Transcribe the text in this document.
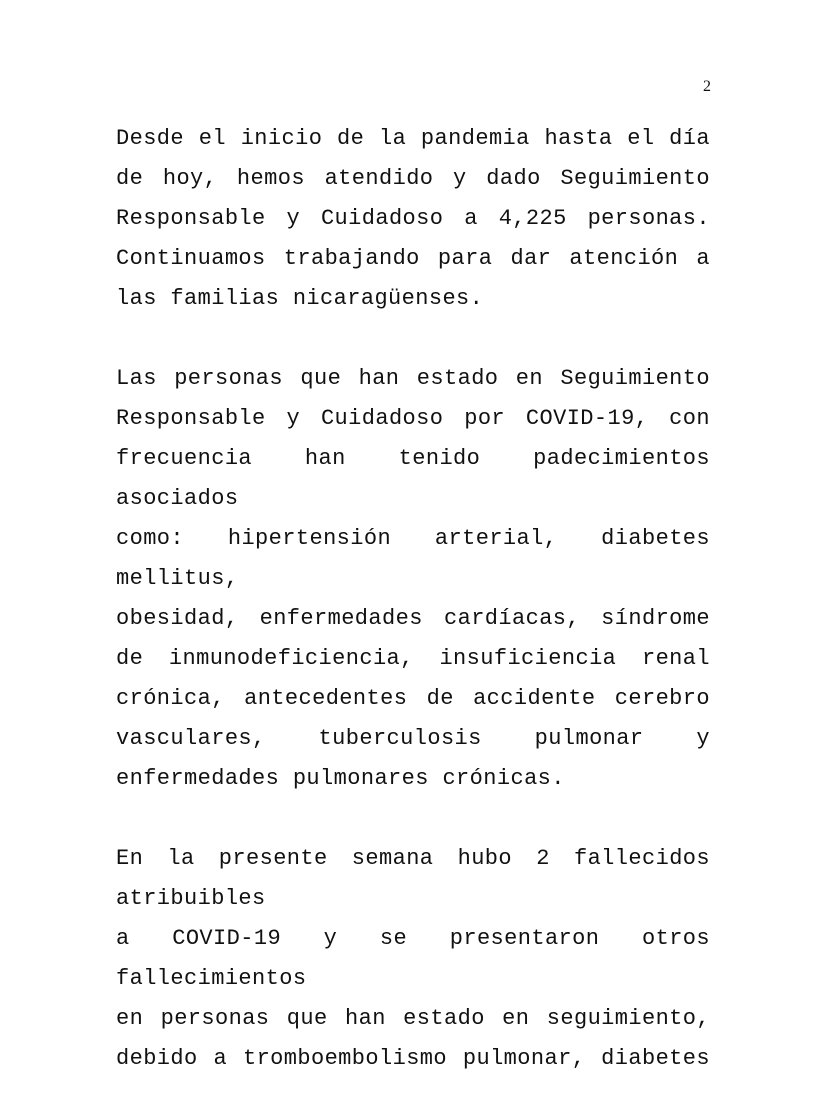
2

Desde el inicio de la pandemia hasta el día
de hoy, hemos atendido y dado Seguimiento
Responsable y Cuidadoso a 4,225 personas.
Continuamos trabajando para dar atención a
las familias nicaragüenses.

Las personas que han estado en Seguimiento
Responsable y Cuidadoso por COVID-19, con
frecuencia han tenido padecimientos asociados
como: hipertensión arterial, diabetes mellitus,
obesidad, enfermedades cardíacas, síndrome
de inmunodeficiencia, insuficiencia renal
crónica, antecedentes de accidente cerebro
vasculares, tuberculosis pulmonar y
enfermedades pulmonares crónicas.

En la presente semana hubo 2 fallecidos atribuibles
a COVID-19 y se presentaron otros fallecimientos
en personas que han estado en seguimiento,
debido a tromboembolismo pulmonar, diabetes
